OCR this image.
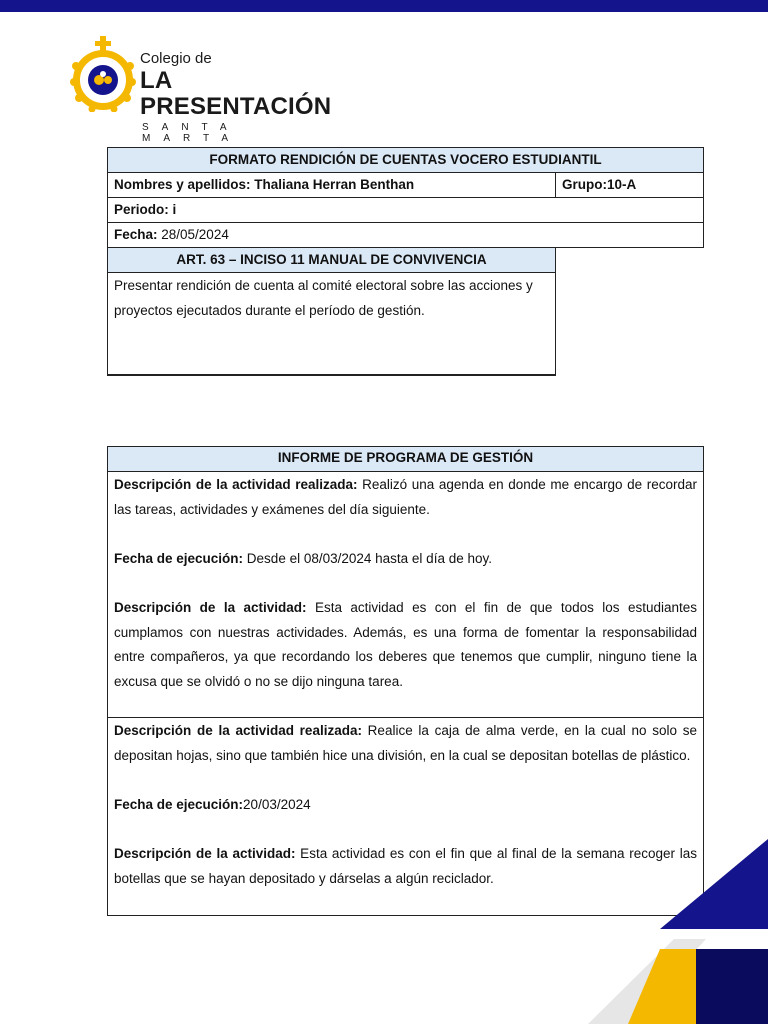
Colegio de
LA PRESENTACIÓN
SANTA MARTA
FORMATO RENDICIÓN DE CUENTAS VOCERO ESTUDIANTIL	
Nombres y apellidos: Thaliana Herran Benthan	Grupo:10-A
Periodo: i	
Fecha: 28/05/2024	
ART. 63 – INCISO 11 MANUAL DE CONVIVENCIA	
Presentar rendición de cuenta al comité electoral sobre las acciones y proyectos ejecutados durante el período de gestión.	
INFORME DE PROGRAMA DE GESTIÓN

Descripción de la actividad realizada: Realizó una agenda en donde me encargo de recordar las tareas, actividades y exámenes del día siguiente.
Fecha de ejecución: Desde el 08/03/2024 hasta el día de hoy.
Descripción de la actividad: Esta actividad es con el fin de que todos los estudiantes cumplamos con nuestras actividades. Además, es una forma de fomentar la responsabilidad entre compañeros, ya que recordando los deberes que tenemos que cumplir, ninguno tiene la excusa que se olvidó o no se dijo ninguna tarea.

Descripción de la actividad realizada: Realice la caja de alma verde, en la cual no solo se depositan hojas, sino que también hice una división, en la cual se depositan botellas de plástico.
Fecha de ejecución:20/03/2024
Descripción de la actividad: Esta actividad es con el fin que al final de la semana recoger las botellas que se hayan depositado y dárselas a algún reciclador.
